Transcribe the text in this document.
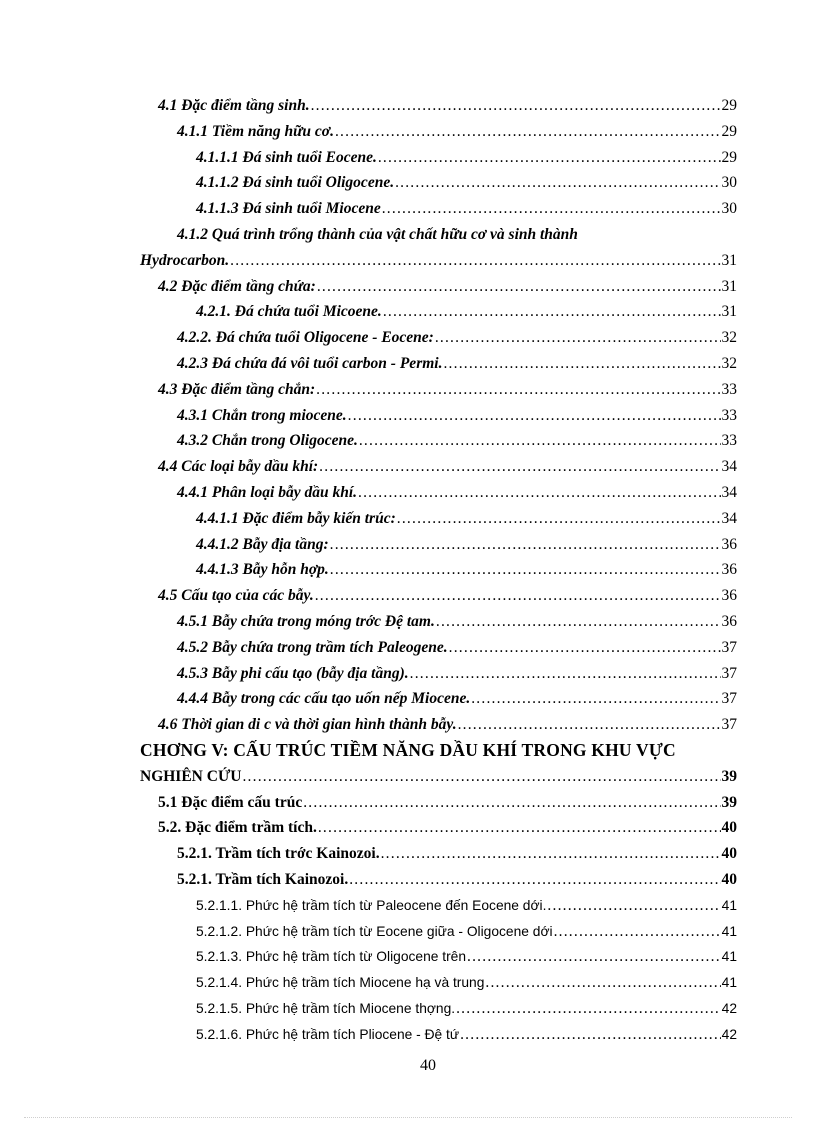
4.1 Đặc điểm tầng sinh. .....	29
4.1.1 Tiềm năng hữu cơ. .....	29
4.1.1.1 Đá sinh tuổi Eocene. .....	29
4.1.1.2 Đá sinh tuổi Oligocene. .....	30
4.1.1.3 Đá sinh tuổi Miocene .....	30
4.1.2 Quá trình trổng thành của vật chất hữu cơ và sinh thành
Hydrocarbon. .....	31
4.2 Đặc điểm tầng chứa: .....	31
4.2.1. Đá chứa tuổi Micoene. .....	31
4.2.2. Đá chứa tuổi Oligocene - Eocene: .....	32
4.2.3 Đá chứa đá vôi tuổi carbon - Permi. .....	32
4.3 Đặc điểm tầng chắn: .....	33
4.3.1 Chắn trong miocene. .....	33
4.3.2 Chắn trong Oligocene. .....	33
4.4 Các loại bẫy dầu khí: .....	34
4.4.1 Phân loại bẫy dầu khí. .....	34
4.4.1.1 Đặc điểm bẫy kiến trúc: .....	34
4.4.1.2 Bẫy địa tầng: .....	36
4.4.1.3 Bẫy hỗn hợp. .....	36
4.5 Cấu tạo của các bẫy. .....	36
4.5.1 Bẫy chứa trong móng trớc Đệ tam. .....	36
4.5.2 Bẫy chứa trong trầm tích Paleogene. .....	37
4.5.3 Bẫy phi cấu tạo (bẫy địa tầng). .....	37
4.4.4 Bẫy trong các cấu tạo uốn nếp Miocene. .....	37
4.6 Thời gian di c và thời gian hình thành bẫy. .....	37
CHƠNG V: CẤU TRÚC TIỀM NĂNG DẦU KHÍ TRONG KHU VỰC
NGHIÊN CỨU .....	39
5.1 Đặc điểm cấu trúc .....	39
5.2. Đặc điểm trầm tích. .....	40
5.2.1. Trầm tích trớc Kainozoi. .....	40
5.2.1. Trầm tích Kainozoi. .....	40
5.2.1.1. Phức hệ trầm tích từ Paleocene đến Eocene dới. .....	41
5.2.1.2. Phức hệ trầm tích từ Eocene giữa - Oligocene dới .....	41
5.2.1.3. Phức hệ trầm tích từ Oligocene trên .....	41
5.2.1.4. Phức hệ trầm tích Miocene hạ và trung .....	41
5.2.1.5. Phức hệ trầm tích Miocene thợng. .....	42
5.2.1.6. Phức hệ trầm tích Pliocene - Đệ tứ .....	42
40
